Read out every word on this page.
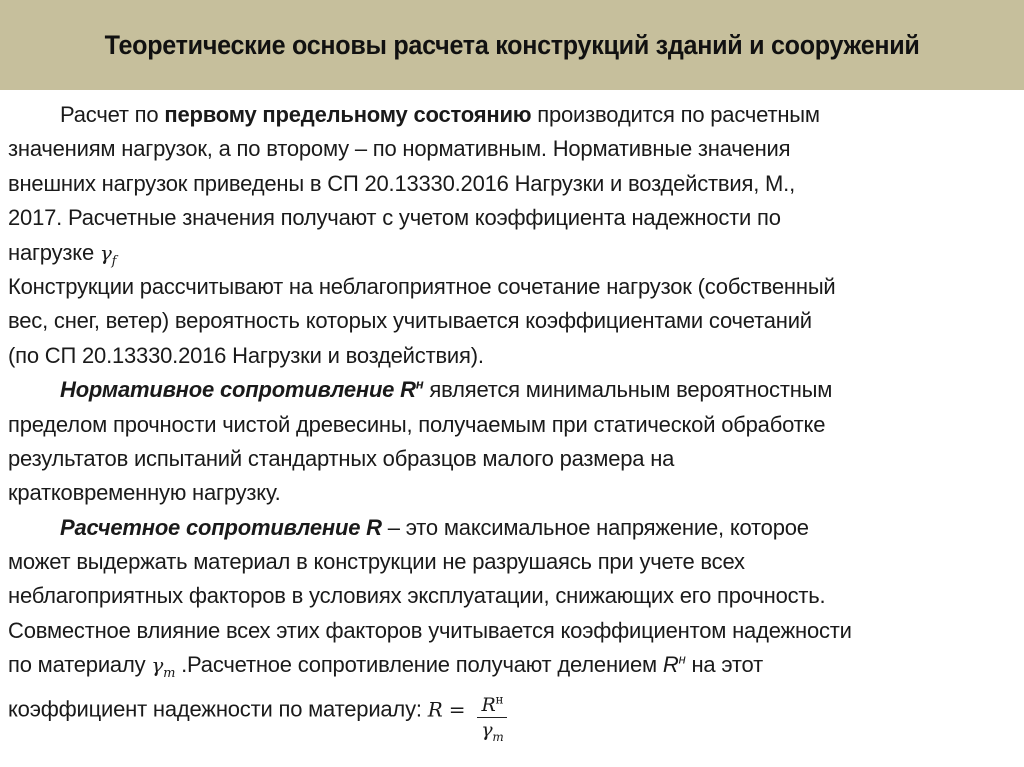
Теоретические основы расчета конструкций зданий и сооружений
Расчет по первому предельному состоянию производится по расчетным
значениям нагрузок, а по второму – по нормативным. Нормативные значения
внешних нагрузок приведены в СП 20.13330.2016 Нагрузки и воздействия, М.,
2017. Расчетные значения получают с учетом коэффициента надежности по
нагрузке $\gamma_f$
Конструкции рассчитывают на неблагоприятное сочетание нагрузок (собственный
вес, снег, ветер) вероятность которых учитывается коэффициентами сочетаний
(по СП 20.13330.2016 Нагрузки и воздействия).
Нормативное сопротивление $R^н$ является минимальным вероятностным
пределом прочности чистой древесины, получаемым при статической обработке
результатов испытаний стандартных образцов малого размера на
кратковременную нагрузку.
Расчетное сопротивление R – это максимальное напряжение, которое
может выдержать материал в конструкции не разрушаясь при учете всех
неблагоприятных факторов в условиях эксплуатации, снижающих его прочность.
Совместное влияние всех этих факторов учитывается коэффициентом надежности
по материалу $\gamma_m$ .Расчетное сопротивление получают делением $R^н$ на этот
коэффициент надежности по материалу: $R = \frac{R^н}{\gamma_m}$
